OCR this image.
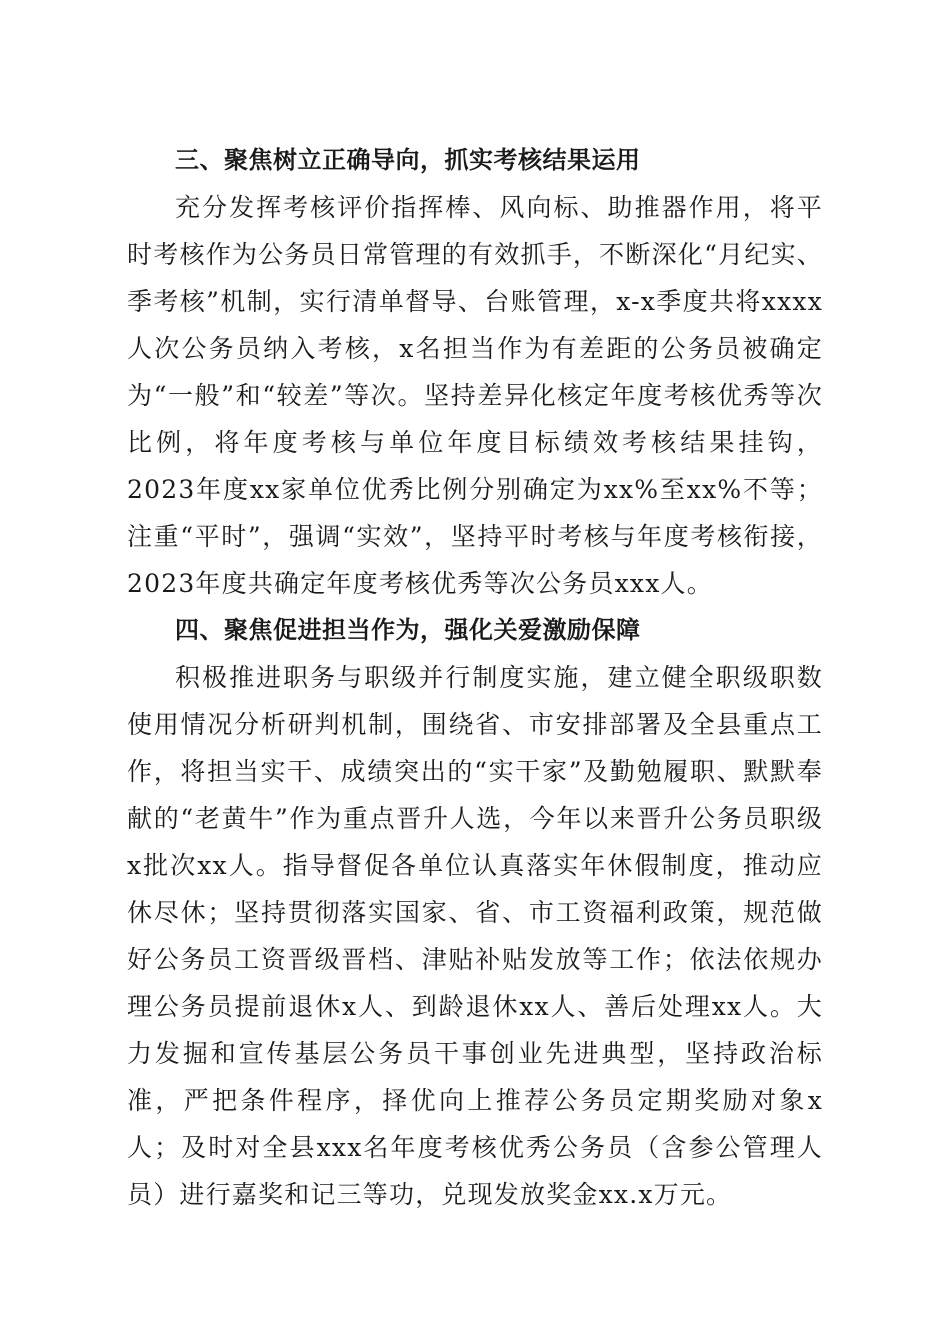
三、聚焦树立正确导向，抓实考核结果运用
充分发挥考核评价指挥棒、风向标、助推器作用，将平时考核作为公务员日常管理的有效抓手，不断深化“月纪实、季考核”机制，实行清单督导、台账管理，x-x季度共将xxxx人次公务员纳入考核，x名担当作为有差距的公务员被确定为“一般”和“较差”等次。坚持差异化核定年度考核优秀等次比例，将年度考核与单位年度目标绩效考核结果挂钩，2023年度xx家单位优秀比例分别确定为xx%至xx%不等；注重“平时”，强调“实效”，坚持平时考核与年度考核衔接，2023年度共确定年度考核优秀等次公务员xxx人。
四、聚焦促进担当作为，强化关爱激励保障
积极推进职务与职级并行制度实施，建立健全职级职数使用情况分析研判机制，围绕省、市安排部署及全县重点工作，将担当实干、成绩突出的“实干家”及勤勉履职、默默奉献的“老黄牛”作为重点晋升人选，今年以来晋升公务员职级x批次xx人。指导督促各单位认真落实年休假制度，推动应休尽休；坚持贯彻落实国家、省、市工资福利政策，规范做好公务员工资晋级晋档、津贴补贴发放等工作；依法依规办理公务员提前退休x人、到龄退休xx人、善后处理xx人。大力发掘和宣传基层公务员干事创业先进典型，坚持政治标准，严把条件程序，择优向上推荐公务员定期奖励对象x人；及时对全县xxx名年度考核优秀公务员（含参公管理人员）进行嘉奖和记三等功，兑现发放奖金xx.x万元。
